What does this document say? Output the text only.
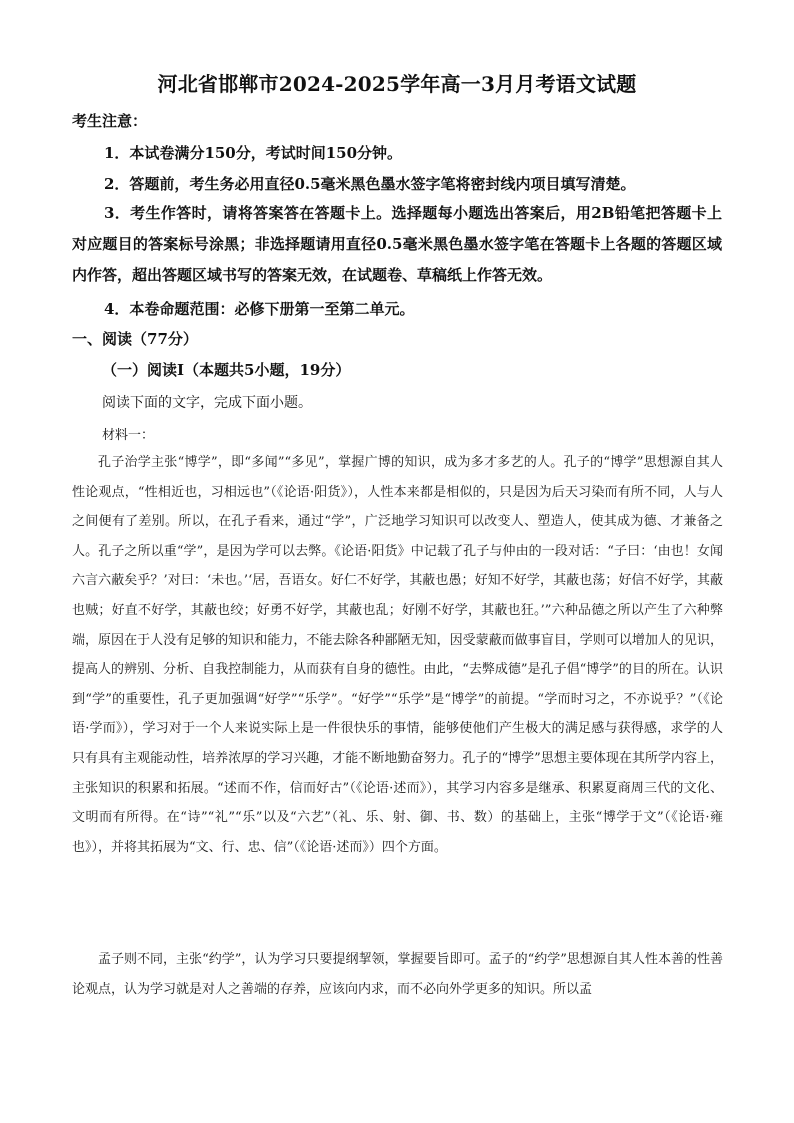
河北省邯郸市2024-2025学年高一3月月考语文试题
考生注意：
1．本试卷满分150分，考试时间150分钟。
2．答题前，考生务必用直径0.5毫米黑色墨水签字笔将密封线内项目填写清楚。
3．考生作答时，请将答案答在答题卡上。选择题每小题选出答案后，用2B铅笔把答题卡上对应题目的答案标号涂黑；非选择题请用直径0.5毫米黑色墨水签字笔在答题卡上各题的答题区域内作答，超出答题区域书写的答案无效，在试题卷、草稿纸上作答无效。
4．本卷命题范围：必修下册第一至第二单元。
一、阅读（77分）
（一）阅读Ⅰ（本题共5小题，19分）
阅读下面的文字，完成下面小题。
材料一：
孔子治学主张“博学”，即“多闻”“多见”，掌握广博的知识，成为多才多艺的人。孔子的“博学”思想源自其人性论观点，“性相近也，习相远也”（《论语·阳货》），人性本来都是相似的，只是因为后天习染而有所不同，人与人之间便有了差别。所以，在孔子看来，通过“学”，广泛地学习知识可以改变人、塑造人，使其成为德、才兼备之人。孔子之所以重“学”，是因为学可以去弊。《论语·阳货》中记载了孔子与仲由的一段对话：“子曰：‘由也！女闻六言六蔽矣乎？’对曰：‘未也。’‘居，吾语女。好仁不好学，其蔽也愚；好知不好学，其蔽也荡；好信不好学，其蔽也贼；好直不好学，其蔽也绞；好勇不好学，其蔽也乱；好刚不好学，其蔽也狂。’”六种品德之所以产生了六种弊端，原因在于人没有足够的知识和能力，不能去除各种鄙陋无知，因受蒙蔽而做事盲目，学则可以增加人的见识，提高人的辨别、分析、自我控制能力，从而获有自身的德性。由此，“去弊成德”是孔子倡“博学”的目的所在。认识到“学”的重要性，孔子更加强调“好学”“乐学”。“好学”“乐学”是“博学”的前提。“学而时习之，不亦说乎？”（《论语·学而》），学习对于一个人来说实际上是一件很快乐的事情，能够使他们产生极大的满足感与获得感，求学的人只有具有主观能动性，培养浓厚的学习兴趣，才能不断地勤奋努力。孔子的“博学”思想主要体现在其所学内容上，主张知识的积累和拓展。“述而不作，信而好古”（《论语·述而》），其学习内容多是继承、积累夏商周三代的文化、文明而有所得。在“诗”“礼”“乐”以及“六艺”（礼、乐、射、御、书、数）的基础上，主张“博学于文”（《论语·雍也》），并将其拓展为“文、行、忠、信”（《论语·述而》）四个方面。
孟子则不同，主张“约学”，认为学习只要提纲挈领，掌握要旨即可。孟子的“约学”思想源自其人性本善的性善论观点，认为学习就是对人之善端的存养，应该向内求，而不必向外学更多的知识。所以孟
